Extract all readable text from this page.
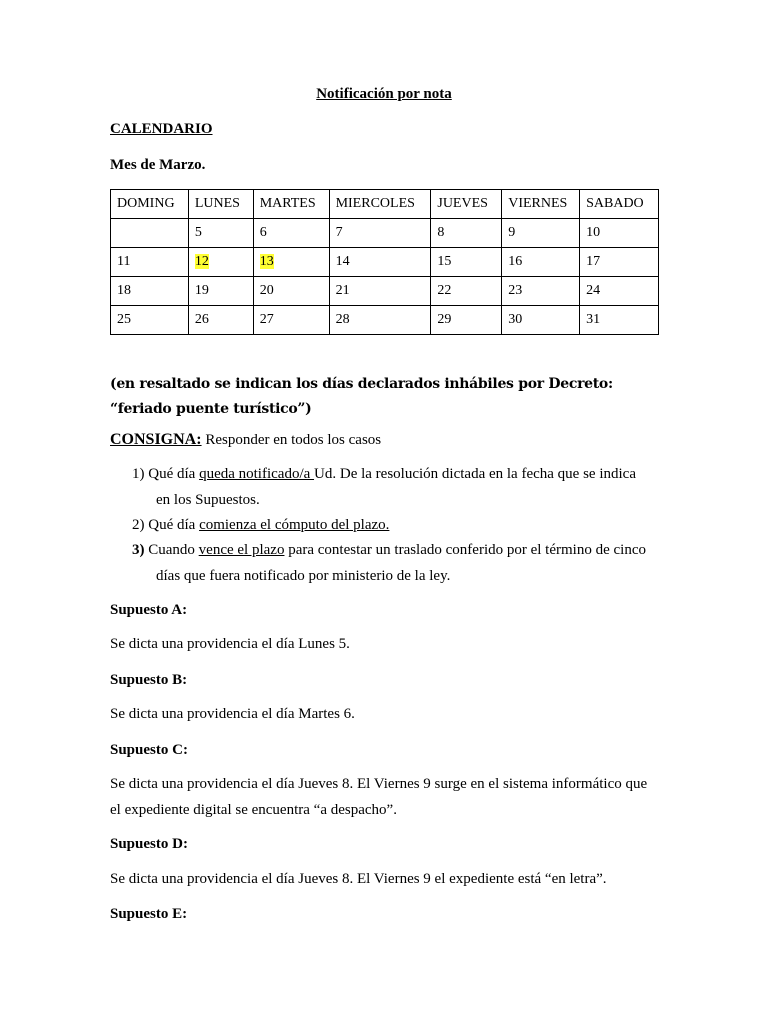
Notificación por nota
CALENDARIO
Mes de Marzo.
DOMING	LUNES	MARTES	MIERCOLES	JUEVES	VIERNES	SABADO
	5	6	7	8	9	10
11	12	13	14	15	16	17
18	19	20	21	22	23	24
25	26	27	28	29	30	31
(en resaltado se indican los días declarados inhábiles por Decreto: “feriado puente turístico”)
CONSIGNA: Responder en todos los casos
1) Qué día queda notificado/a Ud. De la resolución dictada en la fecha que se indica
en los Supuestos.
2) Qué día comienza el cómputo del plazo.
3) Cuando vence el plazo para contestar un traslado conferido por el término de cinco
días que fuera notificado por ministerio de la ley.
Supuesto A:
Se dicta una providencia el día Lunes 5.
Supuesto B:
Se dicta una providencia el día Martes 6.
Supuesto C:
Se dicta una providencia el día Jueves 8. El Viernes 9 surge en el sistema informático que
el expediente digital se encuentra “a despacho”.
Supuesto D:
Se dicta una providencia el día Jueves 8. El Viernes 9 el expediente está “en letra”.
Supuesto E:
